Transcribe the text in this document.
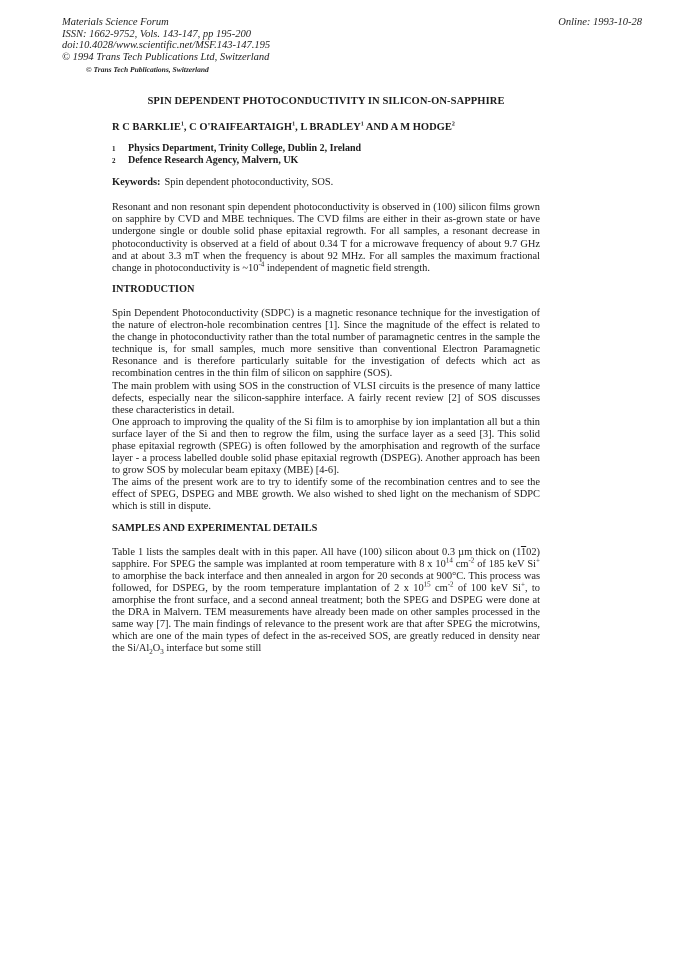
Materials Science Forum
ISSN: 1662-9752, Vols. 143-147, pp 195-200
doi:10.4028/www.scientific.net/MSF.143-147.195
© 1994 Trans Tech Publications Ltd, Switzerland
© Trans Tech Publications, Switzerland
Online: 1993-10-28
SPIN DEPENDENT PHOTOCONDUCTIVITY IN SILICON-ON-SAPPHIRE
R C BARKLIE$^1$, C O'RAIFEARTAIGH$^1$, L BRADLEY$^1$ AND A M HODGE$^2$
1	Physics Department, Trinity College, Dublin 2, Ireland
2	Defence Research Agency, Malvern, UK
Keywords: Spin dependent photoconductivity, SOS.

Resonant and non resonant spin dependent photoconductivity is observed in (100) silicon films grown on sapphire by CVD and MBE techniques. The CVD films are either in their as-grown state or have undergone single or double solid phase epitaxial regrowth. For all samples, a resonant decrease in photoconductivity is observed at a field of about 0.34 T for a microwave frequency of about 9.7 GHz and at about 3.3 mT when the frequency is about 92 MHz. For all samples the maximum fractional change in photoconductivity is $\sim 10^{-4}$ independent of magnetic field strength.

INTRODUCTION

Spin Dependent Photoconductivity (SDPC) is a magnetic resonance technique for the investigation of the nature of electron-hole recombination centres [1]. Since the magnitude of the effect is related to the change in photoconductivity rather than the total number of paramagnetic centres in the sample the technique is, for small samples, much more sensitive than conventional Electron Paramagnetic Resonance and is therefore particularly suitable for the investigation of defects which act as recombination centres in the thin film of silicon on sapphire (SOS).

The main problem with using SOS in the construction of VLSI circuits is the presence of many lattice defects, especially near the silicon-sapphire interface. A fairly recent review [2] of SOS discusses these characteristics in detail.

One approach to improving the quality of the Si film is to amorphise by ion implantation all but a thin surface layer of the Si and then to regrow the film, using the surface layer as a seed [3]. This solid phase epitaxial regrowth (SPEG) is often followed by the amorphisation and regrowth of the surface layer - a process labelled double solid phase epitaxial regrowth (DSPEG). Another approach has been to grow SOS by molecular beam epitaxy (MBE) [4-6].

The aims of the present work are to try to identify some of the recombination centres and to see the effect of SPEG, DSPEG and MBE growth. We also wished to shed light on the mechanism of SDPC which is still in dispute.

SAMPLES AND EXPERIMENTAL DETAILS

Table 1 lists the samples dealt with in this paper. All have (100) silicon about 0.3 µm thick on (1102) sapphire. For SPEG the sample was implanted at room temperature with 8 x $10^{14}$ $cm^{-2}$ of 185 keV Si+ to amorphise the back interface and then annealed in argon for 20 seconds at 900°C. This process was followed, for DSPEG, by the room temperature implantation of 2 x $10^{15}$ $cm^{-2}$ of 100 keV Si+, to amorphise the front surface, and a second anneal treatment; both the SPEG and DSPEG were done at the DRA in Malvern. TEM measurements have already been made on other samples processed in the same way [7]. The main findings of relevance to the present work are that after SPEG the microtwins, which are one of the main types of defect in the as-received SOS, are greatly reduced in density near the $Si/Al_2O_3$ interface but some still
